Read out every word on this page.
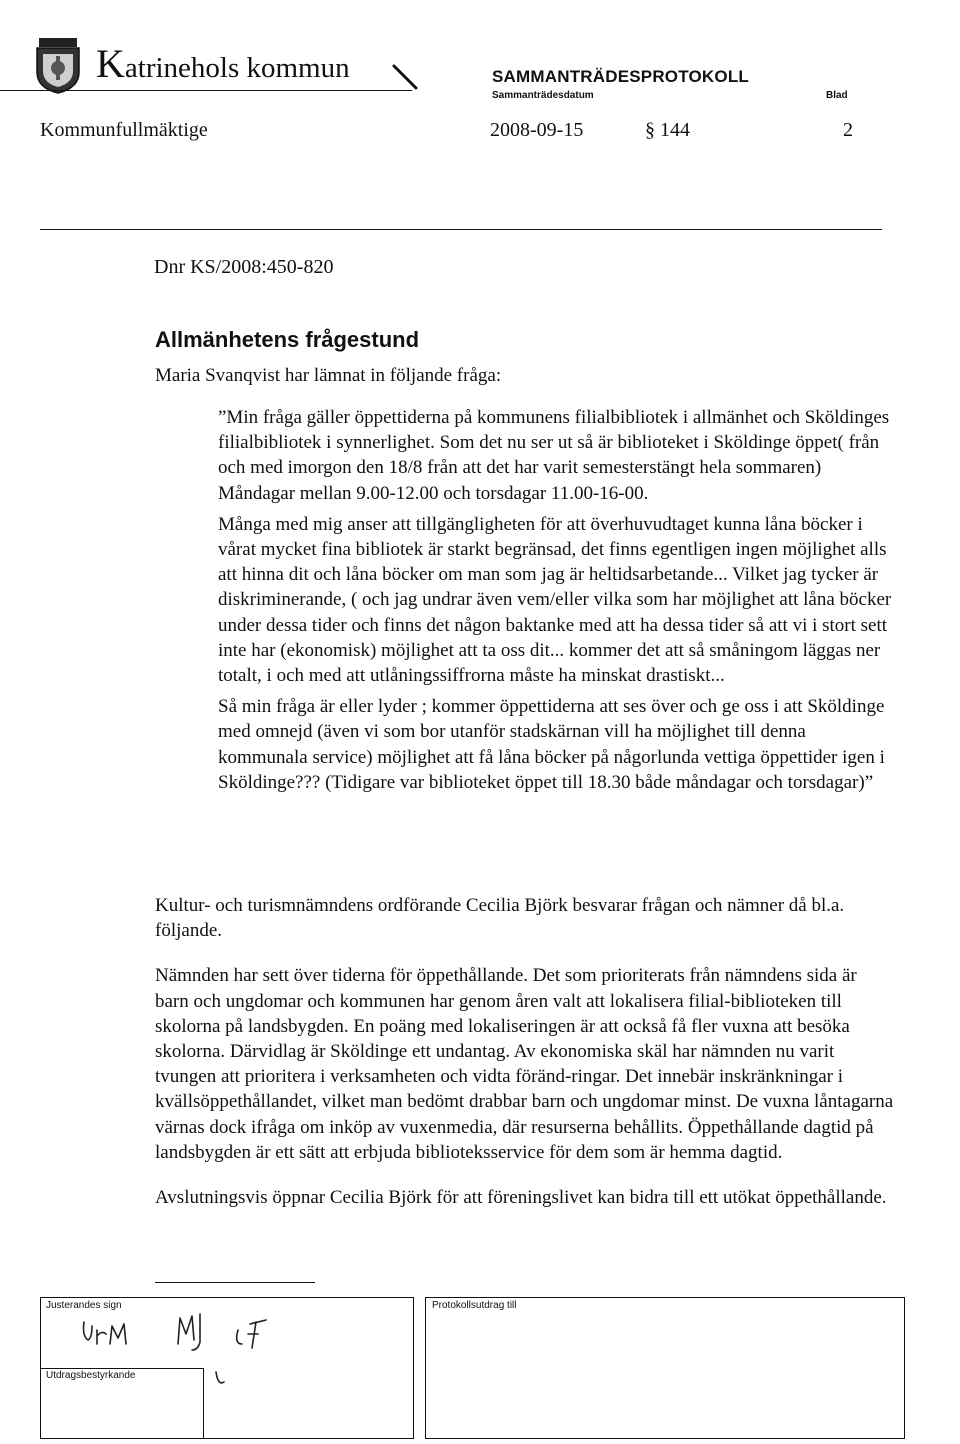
Katrinehols kommun	SAMMANTRÄDESPROTOKOLL
Sammanträdesdatum	Blad
Kommunfullmäktige	2008-09-15	§ 144	2
Dnr KS/2008:450-820
Allmänhetens frågestund
Maria Svanqvist har lämnat in följande fråga:

”Min fråga gäller öppettiderna på kommunens filialbibliotek i allmänhet och Sköldinges filialbibliotek i synnerlighet. Som det nu ser ut så är biblioteket i Sköldinge öppet( från och med imorgon den 18/8 från att det har varit semesterstängt hela sommaren) Måndagar mellan 9.00-12.00 och torsdagar 11.00-16-00.

Många med mig anser att tillgängligheten för att överhuvudtaget kunna låna böcker i vårat mycket fina bibliotek är starkt begränsad, det finns egentligen ingen möjlighet alls att hinna dit och låna böcker om man som jag är heltidsarbetande... Vilket jag tycker är diskriminerande, ( och jag undrar även vem/eller vilka som har möjlighet att låna böcker under dessa tider och finns det någon baktanke med att ha dessa tider så att vi i stort sett inte har (ekonomisk) möjlighet att ta oss dit... kommer det att så småningom läggas ner totalt, i och med att utlåningssiffrorna måste ha minskat drastiskt...

Så min fråga är eller lyder ; kommer öppettiderna att ses över och ge oss i att Sköldinge med omnejd (även vi som bor utanför stadskärnan vill ha möjlighet till denna kommunala service) möjlighet att få låna böcker på någorlunda vettiga öppettider igen i Sköldinge??? (Tidigare var biblioteket öppet till 18.30 både måndagar och torsdagar)”

Kultur- och turismnämndens ordförande Cecilia Björk besvarar frågan och nämner då bl.a. följande.

Nämnden har sett över tiderna för öppethållande. Det som prioriterats från nämndens sida är barn och ungdomar och kommunen har genom åren valt att lokalisera filial-biblioteken till skolorna på landsbygden. En poäng med lokaliseringen är att också få fler vuxna att besöka skolorna. Därvidlag är Sköldinge ett undantag. Av ekonomiska skäl har nämnden nu varit tvungen att prioritera i verksamheten och vidta föränd-ringar. Det innebär inskränkningar i kvällsöppethållandet, vilket man bedömt drabbar barn och ungdomar minst. De vuxna låntagarna värnas dock ifråga om inköp av vuxenmedia, där resurserna behållits. Öppethållande dagtid på landsbygden är ett sätt att erbjuda biblioteksservice för dem som är hemma dagtid.

Avslutningsvis öppnar Cecilia Björk för att föreningslivet kan bidra till ett utökat öppethållande.

Justerandes sign
Utdragsbestyrkande
Protokollsutdrag till
